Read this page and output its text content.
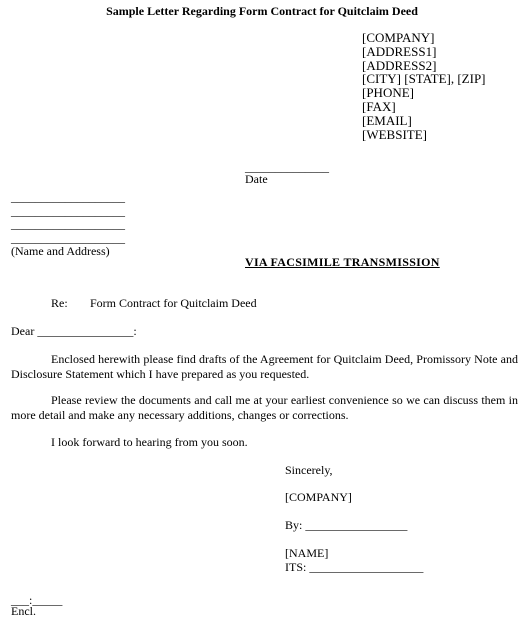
Sample Letter Regarding Form Contract for Quitclaim Deed
[COMPANY]
[ADDRESS1]
[ADDRESS2]
[CITY] [STATE], [ZIP]
[PHONE]
[FAX]
[EMAIL]
[WEBSITE]
______________
Date
___________________
___________________
___________________
___________________
(Name and Address)
VIA FACSIMILE TRANSMISSION
Re: Form Contract for Quitclaim Deed
Dear ________________:
Enclosed herewith please find drafts of the Agreement for Quitclaim Deed, Promissory Note and Disclosure Statement which I have prepared as you requested.
Please review the documents and call me at your earliest convenience so we can discuss them in more detail and make any necessary additions, changes or corrections.
I look forward to hearing from you soon.
Sincerely,
[COMPANY]
By: _________________
[NAME]
ITS: ___________________
___:_____
Encl.
